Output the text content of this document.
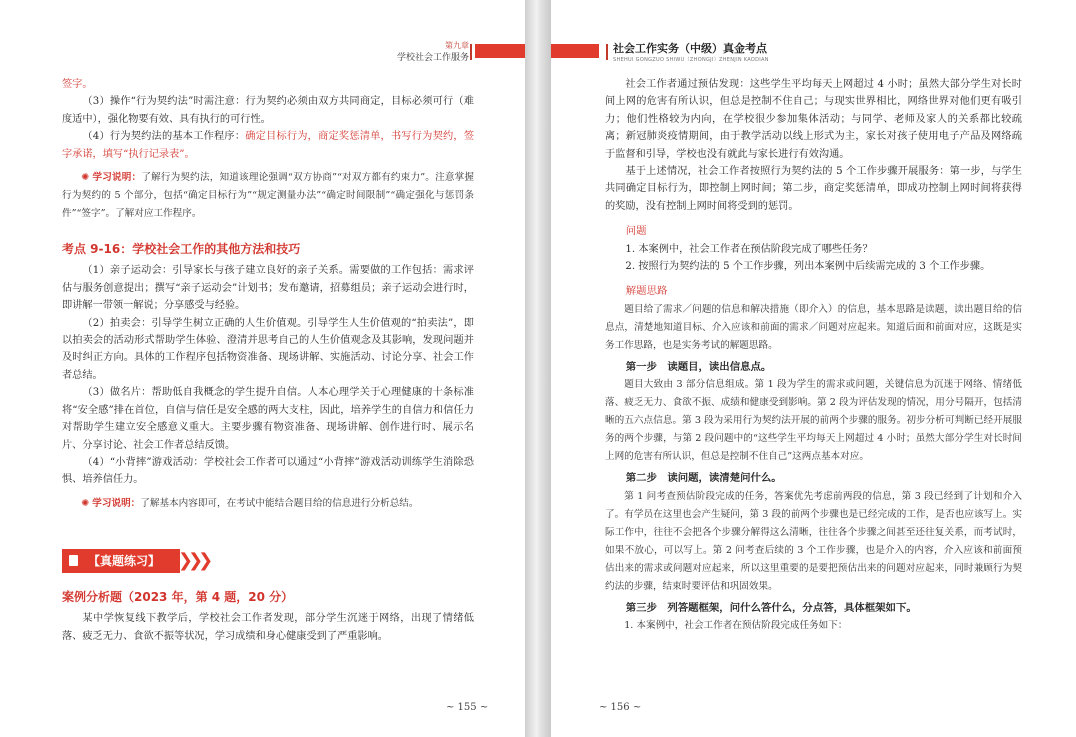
第九章
学校社会工作服务

签字。

（3）操作“行为契约法”时需注意：行为契约必须由双方共同商定，目标必须可行（难度适中），强化物要有效、具有执行的可行性。

（4）行为契约法的基本工作程序：确定目标行为，商定奖惩清单，书写行为契约，签字承诺，填写“执行记录表”。

✺ 学习说明：了解行为契约法，知道该理论强调“双方协商”“对双方都有约束力”。注意掌握行为契约的 5 个部分，包括“确定目标行为”“规定测量办法”“确定时间限制”“确定强化与惩罚条件”“签字”。了解对应工作程序。

考点 9-16：学校社会工作的其他方法和技巧

（1）亲子运动会：引导家长与孩子建立良好的亲子关系。需要做的工作包括：需求评估与服务创意提出；撰写“亲子运动会”计划书；发布邀请，招募组员；亲子运动会进行时，即讲解一带领一解说；分享感受与经验。

（2）拍卖会：引导学生树立正确的人生价值观。引导学生人生价值观的“拍卖法”，即以拍卖会的活动形式帮助学生体验、澄清并思考自己的人生价值观念及其影响，发现问题并及时纠正方向。具体的工作程序包括物资准备、现场讲解、实施活动、讨论分享、社会工作者总结。

（3）做名片：帮助低自我概念的学生提升自信。人本心理学关于心理健康的十条标准将“安全感”排在首位，自信与信任是安全感的两大支柱，因此，培养学生的自信力和信任力对帮助学生建立安全感意义重大。主要步骤有物资准备、现场讲解、创作进行时、展示名片、分享讨论、社会工作者总结反馈。

（4）“小背摔”游戏活动：学校社会工作者可以通过“小背摔”游戏活动训练学生消除恐惧、培养信任力。

✺ 学习说明：了解基本内容即可，在考试中能结合题目给的信息进行分析总结。

【真题练习】 ❯❯❯
案例分析题（2023 年，第 4 题，20 分）

某中学恢复线下教学后，学校社会工作者发现，部分学生沉迷于网络，出现了情绪低落、疲乏无力、食欲不振等状况，学习成绩和身心健康受到了严重影响。

~ 155 ~
社会工作实务（中级）真金考点
SHEHUI GONGZUO SHIWU（ZHONGJI）ZHENJIN KAODIAN

社会工作者通过预估发现：这些学生平均每天上网超过 4 小时；虽然大部分学生对长时间上网的危害有所认识，但总是控制不住自己；与现实世界相比，网络世界对他们更有吸引力；他们性格较为内向，在学校很少参加集体活动；与同学、老师及家人的关系都比较疏离；新冠肺炎疫情期间，由于教学活动以线上形式为主，家长对孩子使用电子产品及网络疏于监督和引导，学校也没有就此与家长进行有效沟通。

基于上述情况，社会工作者按照行为契约法的 5 个工作步骤开展服务：第一步，与学生共同确定目标行为，即控制上网时间；第二步，商定奖惩清单，即成功控制上网时间将获得的奖励，没有控制上网时间将受到的惩罚。

问题

1. 本案例中，社会工作者在预估阶段完成了哪些任务？

2. 按照行为契约法的 5 个工作步骤，列出本案例中后续需完成的 3 个工作步骤。

解题思路

题目给了需求／问题的信息和解决措施（即介入）的信息，基本思路是读题，读出题目给的信息点，清楚地知道目标、介入应该和前面的需求／问题对应起来。知道后面和前面对应，这既是实务工作思路，也是实务考试的解题思路。

第一步　读题目，读出信息点。

题目大致由 3 部分信息组成。第 1 段为学生的需求或问题，关键信息为沉迷于网络、情绪低落、疲乏无力、食欲不振、成绩和健康受到影响。第 2 段为评估发现的情况，用分号隔开，包括清晰的五六点信息。第 3 段为采用行为契约法开展的前两个步骤的服务。初步分析可判断已经开展服务的两个步骤，与第 2 段问题中的“这些学生平均每天上网超过 4 小时；虽然大部分学生对长时间上网的危害有所认识，但总是控制不住自己”这两点基本对应。

第二步　读问题，读清楚问什么。

第 1 问考查预估阶段完成的任务，答案优先考虑前两段的信息，第 3 段已经到了计划和介入了。有学员在这里也会产生疑问，第 3 段的前两个步骤也是已经完成的工作，是否也应该写上。实际工作中，往往不会把各个步骤分解得这么清晰，往往各个步骤之间甚至还往复关系，而考试时，如果不放心，可以写上。第 2 问考查后续的 3 个工作步骤，也是介入的内容，介入应该和前面预估出来的需求或问题对应起来，所以这里重要的是要把预估出来的问题对应起来，同时兼顾行为契约法的步骤，结束时要评估和巩固效果。

第三步　列答题框架，问什么答什么，分点答，具体框架如下。

1. 本案例中，社会工作者在预估阶段完成任务如下：

~ 156 ~
